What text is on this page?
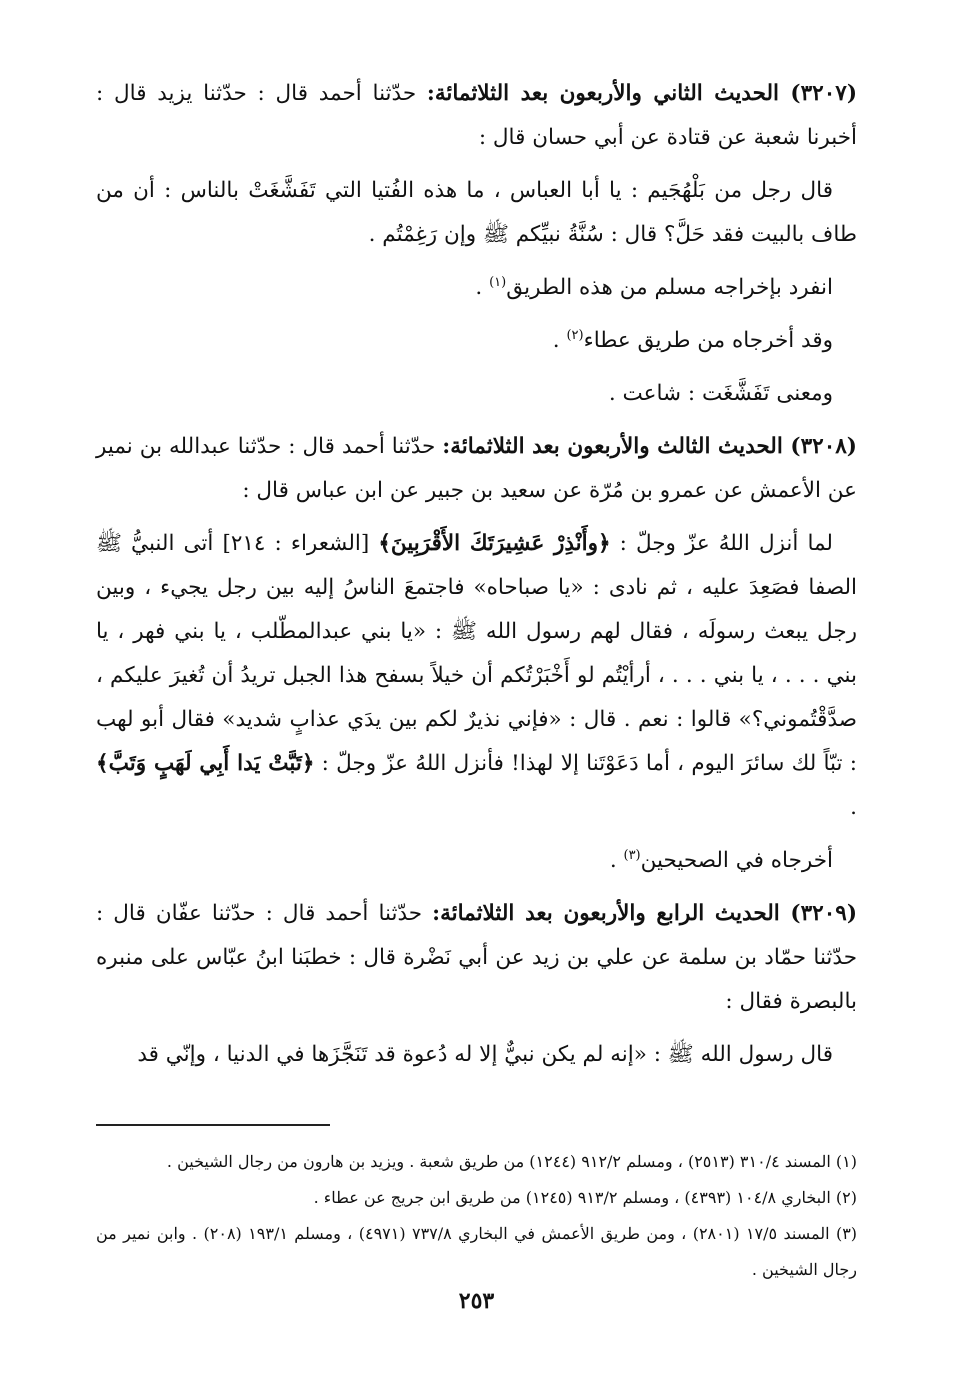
(٣٢٠٧) الحديث الثاني والأربعون بعد الثلاثمائة: حدّثنا أحمد قال : حدّثنا يزيد قال : أخبرنا شعبة عن قتادة عن أبي حسان قال :

قال رجل من بَلْهُجَيم : يا أبا العباس ، ما هذه الفُتيا التي تَفَشَّغَتْ بالناس : أن من طاف بالبيت فقد حَلَّ؟ قال : سُنَّةُ نبيِّكم ﷺ وإن رَغِمْتُم .

انفرد بإخراجه مسلم من هذه الطريق$^{(١)}$ .

وقد أخرجاه من طريق عطاء$^{(٢)}$ .

ومعنى تَفَشَّغَت : شاعت .

(٣٢٠٨) الحديث الثالث والأربعون بعد الثلاثمائة: حدّثنا أحمد قال : حدّثنا عبدالله بن نمير عن الأعمش عن عمرو بن مُرّة عن سعيد بن جبير عن ابن عباس قال :

لما أنزل اللهُ عزّ وجلّ : ﴿وأَنْذِرْ عَشِيرَتَكَ الأَقْرَبِينَ﴾ [الشعراء : ٢١٤] أتى النبيُّ ﷺ الصفا فصَعِدَ عليه ، ثم نادى : «يا صباحاه» فاجتمعَ الناسُ إليه بين رجل يجيء ، وبين رجل يبعث رسولَه ، فقال لهم رسول الله ﷺ : «يا بني عبدالمطّلب ، يا بني فهر ، يا بني . . . ، يا بني . . . ، أرأيْتُم لو أَخْبَرْتُكم أن خيلاً بسفح هذا الجبل تريدُ أن تُغيرَ عليكم ، صدَّقْتُموني؟» قالوا : نعم . قال : «فإني نذيرٌ لكم بين يدَي عذابٍ شديد» فقال أبو لهب : تبّاً لك سائرَ اليوم ، أما دَعَوْتَنا إلا لهذا! فأنزل اللهُ عزّ وجلّ : ﴿تَبَّتْ يَدا أَبِي لَهَبٍ وَتَبَّ﴾ .

أخرجاه في الصحيحين$^{(٣)}$ .

(٣٢٠٩) الحديث الرابع والأربعون بعد الثلاثمائة: حدّثنا أحمد قال : حدّثنا عفّان قال : حدّثنا حمّاد بن سلمة عن علي بن زيد عن أبي نَضْرة قال : خطبَنا ابنُ عبّاس على منبره بالبصرة فقال :

قال رسول الله ﷺ : «إنه لم يكن نبيٌّ إلا له دُعوة قد تَنَجَّزَها في الدنيا ، وإنّي قد

(١) المسند ٣١٠/٤ (٢٥١٣) ، ومسلم ٩١٢/٢ (١٢٤٤) من طريق شعبة . ويزيد بن هارون من رجال الشيخين .

(٢) البخاري ١٠٤/٨ (٤٣٩٣) ، ومسلم ٩١٣/٢ (١٢٤٥) من طريق ابن جريج عن عطاء .

(٣) المسند ١٧/٥ (٢٨٠١) ، ومن طريق الأعمش في البخاري ٧٣٧/٨ (٤٩٧١) ، ومسلم ١٩٣/١ (٢٠٨) . وابن نمير من رجال الشيخين .

٢٥٣
